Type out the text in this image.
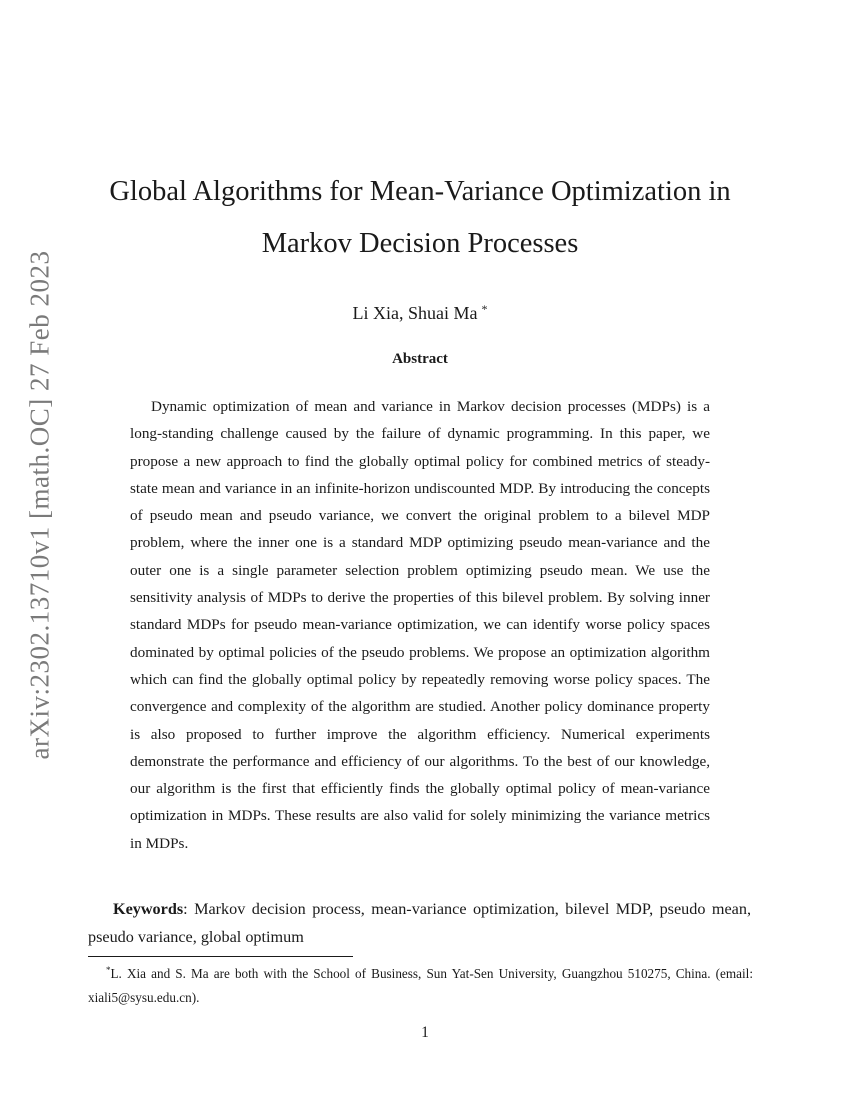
arXiv:2302.13710v1 [math.OC] 27 Feb 2023
Global Algorithms for Mean-Variance Optimization in Markov Decision Processes
Li Xia, Shuai Ma *
Abstract
Dynamic optimization of mean and variance in Markov decision processes (MDPs) is a long-standing challenge caused by the failure of dynamic programming. In this paper, we propose a new approach to find the globally optimal policy for combined metrics of steady-state mean and variance in an infinite-horizon undiscounted MDP. By introducing the concepts of pseudo mean and pseudo variance, we convert the original problem to a bilevel MDP problem, where the inner one is a standard MDP optimizing pseudo mean-variance and the outer one is a single parameter selection problem optimizing pseudo mean. We use the sensitivity analysis of MDPs to derive the properties of this bilevel problem. By solving inner standard MDPs for pseudo mean-variance optimization, we can identify worse policy spaces dominated by optimal policies of the pseudo problems. We propose an optimization algorithm which can find the globally optimal policy by repeatedly removing worse policy spaces. The convergence and complexity of the algorithm are studied. Another policy dominance property is also proposed to further improve the algorithm efficiency. Numerical experiments demonstrate the performance and efficiency of our algorithms. To the best of our knowledge, our algorithm is the first that efficiently finds the globally optimal policy of mean-variance optimization in MDPs. These results are also valid for solely minimizing the variance metrics in MDPs.
Keywords: Markov decision process, mean-variance optimization, bilevel MDP, pseudo mean, pseudo variance, global optimum
*L. Xia and S. Ma are both with the School of Business, Sun Yat-Sen University, Guangzhou 510275, China. (email: xiali5@sysu.edu.cn).
1
